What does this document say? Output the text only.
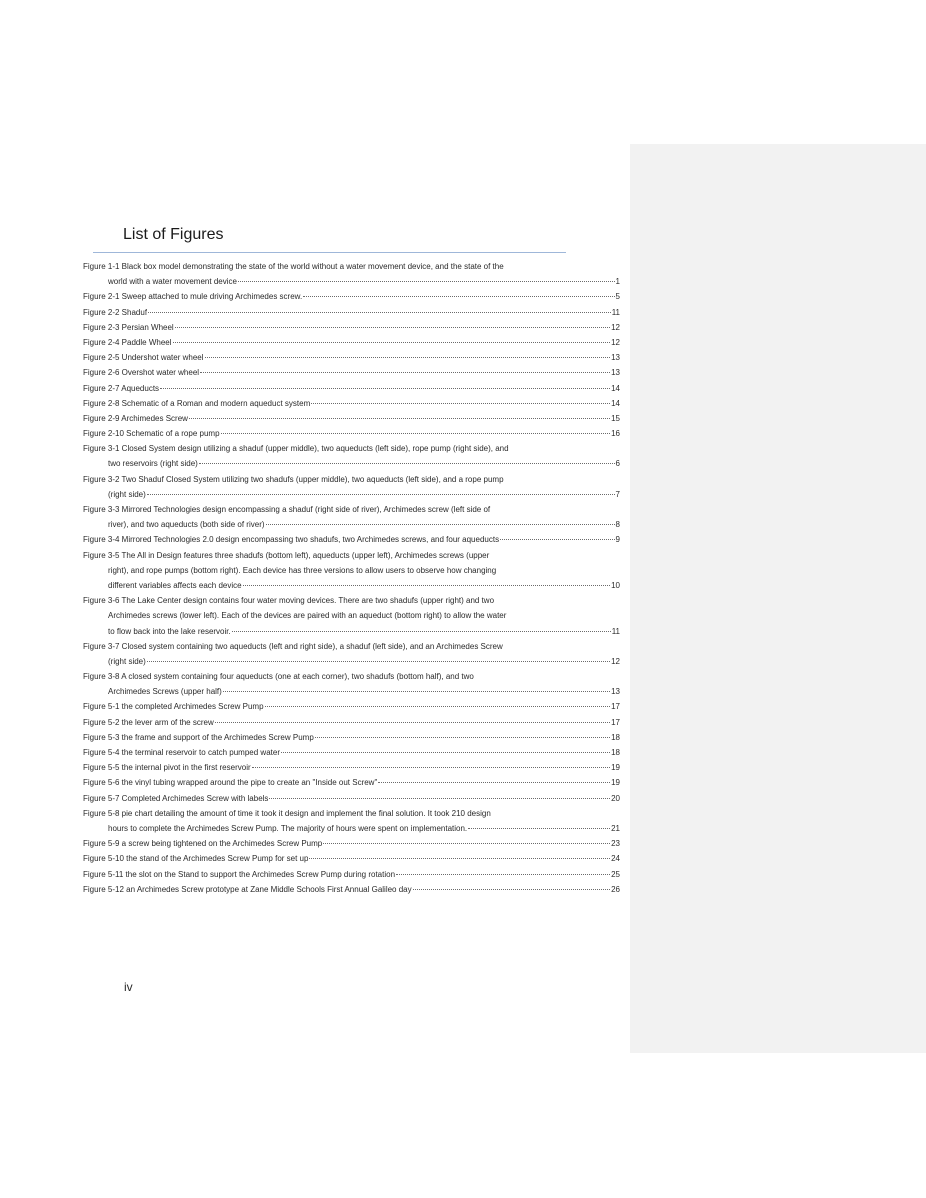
List of Figures
Figure 1-1 Black box model demonstrating the state of the world without a water movement device, and the state of the
world with a water movement device	1
Figure 2-1 Sweep attached to mule driving Archimedes screw.	5
Figure 2-2 Shaduf	11
Figure 2-3 Persian Wheel	12
Figure 2-4 Paddle Wheel	12
Figure 2-5 Undershot water wheel	13
Figure 2-6 Overshot water wheel	13
Figure 2-7 Aqueducts	14
Figure 2-8 Schematic of a Roman and modern aqueduct system	14
Figure 2-9 Archimedes Screw	15
Figure 2-10 Schematic of a rope pump	16
Figure 3-1 Closed System design utilizing a shaduf (upper middle), two aqueducts (left side), rope pump (right side), and
two reservoirs (right side)	6
Figure 3-2 Two Shaduf Closed System utilizing two shadufs (upper middle), two aqueducts (left side), and a rope pump
(right side)	7
Figure 3-3 Mirrored Technologies design encompassing a shaduf (right side of river), Archimedes screw (left side of
river), and two aqueducts (both side of river)	8
Figure 3-4 Mirrored Technologies 2.0 design encompassing two shadufs, two Archimedes screws, and four aqueducts	9
Figure 3-5 The All in Design features three shadufs (bottom left), aqueducts (upper left), Archimedes screws (upper
right), and rope pumps (bottom right). Each device has three versions to allow users to observe how changing
different variables affects each device	10
Figure 3-6 The Lake Center design contains four water moving devices. There are two shadufs (upper right) and two
Archimedes screws (lower left). Each of the devices are paired with an aqueduct (bottom right) to allow the water
to flow back into the lake reservoir.	11
Figure 3-7 Closed system containing two aqueducts (left and right side), a shaduf (left side), and an Archimedes Screw
(right side)	12
Figure 3-8 A closed system containing four aqueducts (one at each corner), two shadufs (bottom half), and two
Archimedes Screws (upper half)	13
Figure 5-1 the completed Archimedes Screw Pump	17
Figure 5-2 the lever arm of the screw	17
Figure 5-3 the frame and support of the Archimedes Screw Pump	18
Figure 5-4 the terminal reservoir to catch pumped water	18
Figure 5-5 the internal pivot in the first reservoir	19
Figure 5-6 the vinyl tubing wrapped around the pipe to create an "Inside out Screw"	19
Figure 5-7 Completed Archimedes Screw with labels	20
Figure 5-8 pie chart detailing the amount of time it took it design and implement the final solution. It took 210 design
hours to complete the Archimedes Screw Pump. The majority of hours were spent on implementation.	21
Figure 5-9 a screw being tightened on the Archimedes Screw Pump	23
Figure 5-10 the stand of the Archimedes Screw Pump for set up	24
Figure 5-11 the slot on the Stand to support the Archimedes Screw Pump during rotation	25
Figure 5-12 an Archimedes Screw prototype at Zane Middle Schools First Annual Galileo day	26
iv
